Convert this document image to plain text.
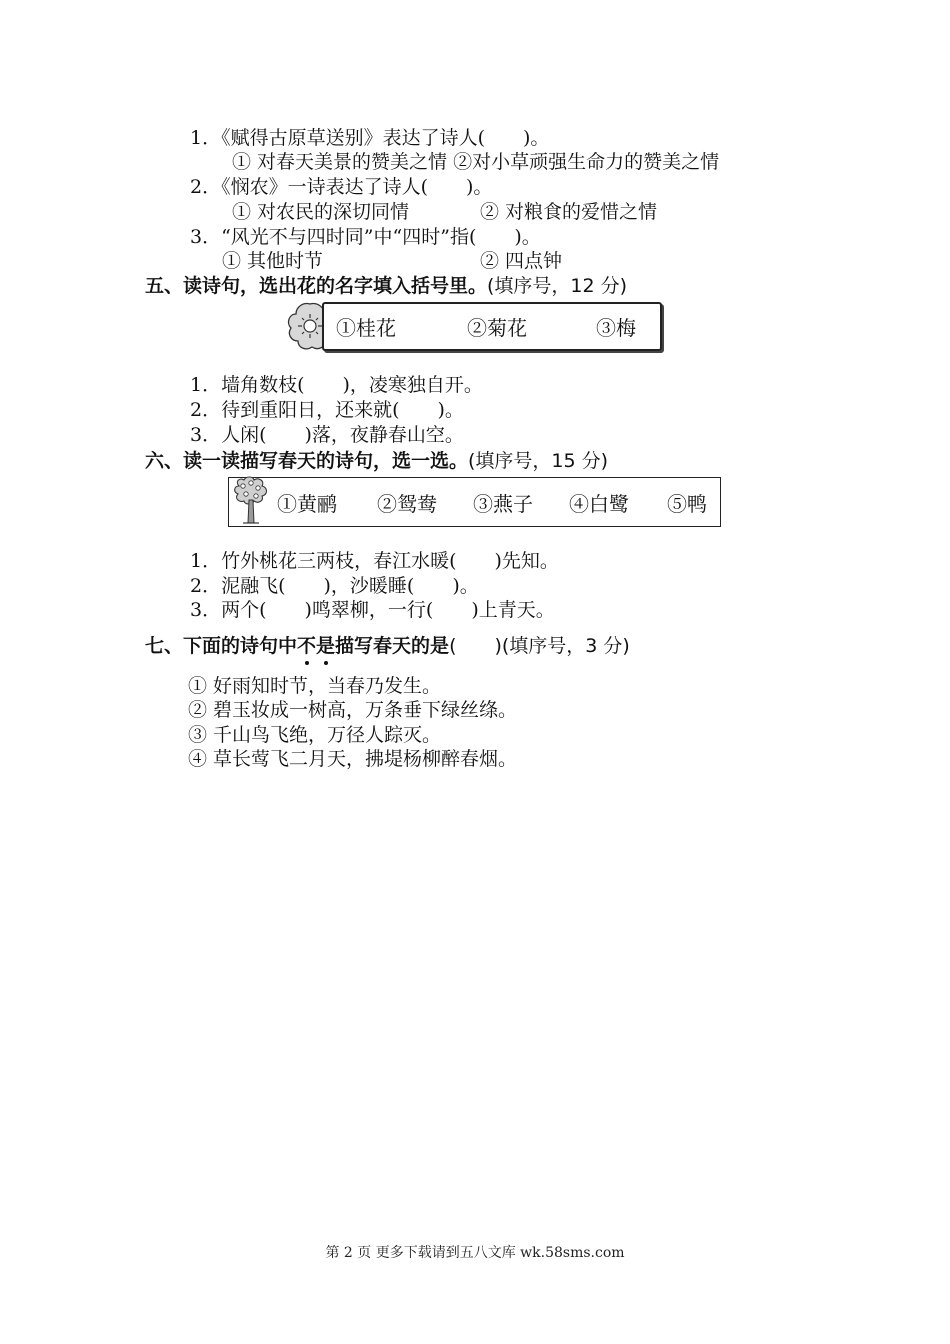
1．《赋得古原草送别》表达了诗人(　　)。
① 对春天美景的赞美之情 ②对小草顽强生命力的赞美之情
2．《悯农》一诗表达了诗人(　　)。
① 对农民的深切同情	② 对粮食的爱惜之情
3．“风光不与四时同”中“四时”指(　　)。
① 其他时节	② 四点钟
五、读诗句，选出花的名字填入括号里。(填序号，12 分)
①桂花	②菊花	③梅
1．墙角数枝(　　)，凌寒独自开。
2．待到重阳日，还来就(　　)。
3．人闲(　　)落，夜静春山空。
六、读一读描写春天的诗句，选一选。(填序号，15 分)
①黄鹂 ②鸳鸯 ③燕子 ④白鹭 ⑤鸭
1．竹外桃花三两枝，春江水暖(　　)先知。
2．泥融飞(　　)，沙暖睡(　　)。
3．两个(　　)鸣翠柳，一行(　　)上青天。
七、下面的诗句中不是描写春天的是(　　)(填序号，3 分)
① 好雨知时节，当春乃发生。
② 碧玉妆成一树高，万条垂下绿丝绦。
③ 千山鸟飞绝，万径人踪灭。
④ 草长莺飞二月天，拂堤杨柳醉春烟。
第 2 页 更多下载请到五八文库 wk.58sms.com
